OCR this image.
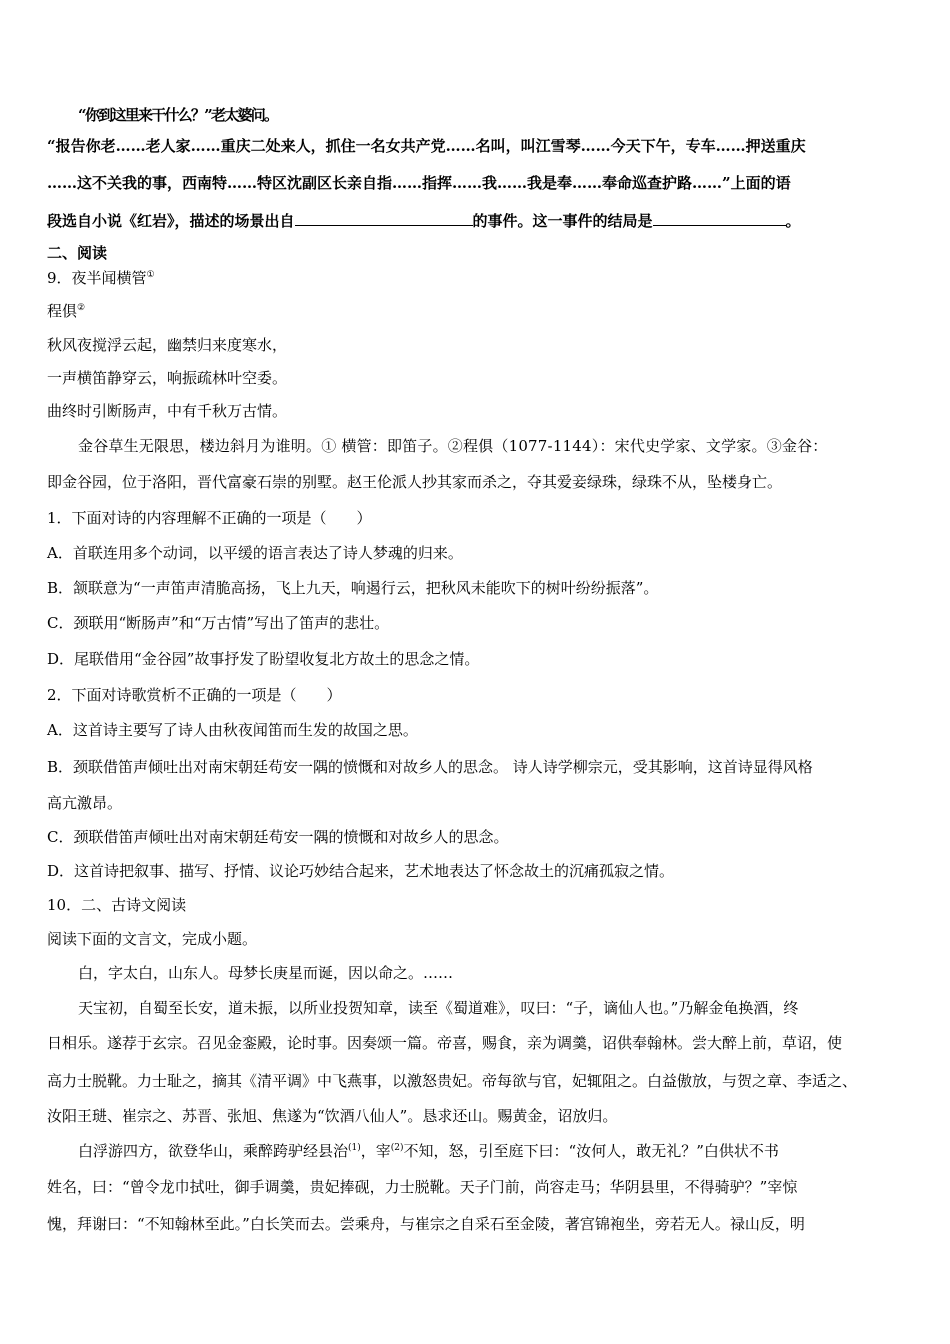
“你到这里来干什么？”老太婆问。
“报告你老……老人家……重庆二处来人，抓住一名女共产党……名叫，叫江雪琴……今天下午，专车……押送重庆
……这不关我的事，西南特……特区沈副区长亲自指……指挥……我……我是奉……奉命巡查护路……”上面的语
段选自小说《红岩》，描述的场景出自	的事件。这一事件的结局是	。
二、阅读
9．夜半闻横管①
程俱②
秋风夜搅浮云起，幽禁归来度寒水，
一声横笛静穿云，响振疏林叶空委。
曲终时引断肠声，中有千秋万古情。
金谷草生无限思，楼边斜月为谁明。① 横管：即笛子。②程俱（1077-1144）：宋代史学家、文学家。③金谷：
即金谷园，位于洛阳，晋代富豪石崇的别墅。赵王伦派人抄其家而杀之，夺其爱妾绿珠，绿珠不从，坠楼身亡。
1．下面对诗的内容理解不正确的一项是（　　）
A．首联连用多个动词，以平缓的语言表达了诗人梦魂的归来。
B．颔联意为“一声笛声清脆高扬，飞上九天，响遏行云，把秋风未能吹下的树叶纷纷振落”。
C．颈联用“断肠声”和“万古情”写出了笛声的悲壮。
D．尾联借用“金谷园”故事抒发了盼望收复北方故土的思念之情。
2．下面对诗歌赏析不正确的一项是（　　）
A．这首诗主要写了诗人由秋夜闻笛而生发的故国之思。
B．颈联借笛声倾吐出对南宋朝廷苟安一隅的愤慨和对故乡人的思念。 诗人诗学柳宗元，受其影响，这首诗显得风格
高亢激昂。
C．颈联借笛声倾吐出对南宋朝廷苟安一隅的愤慨和对故乡人的思念。
D．这首诗把叙事、描写、抒情、议论巧妙结合起来，艺术地表达了怀念故土的沉痛孤寂之情。
10．二、古诗文阅读
阅读下面的文言文，完成小题。
白，字太白，山东人。母梦长庚星而诞，因以命之。……
天宝初，自蜀至长安，道未振，以所业投贺知章，读至《蜀道难》，叹曰：“子，谪仙人也。”乃解金龟换酒，终
日相乐。遂荐于玄宗。召见金銮殿，论时事。因奏颂一篇。帝喜，赐食，亲为调羹，诏供奉翰林。尝大醉上前，草诏，使
高力士脱靴。力士耻之，摘其《清平调》中飞燕事，以激怒贵妃。帝每欲与官，妃辄阻之。白益傲放，与贺之章、李适之、
汝阳王琎、崔宗之、苏晋、张旭、焦遂为“饮酒八仙人”。恳求还山。赐黄金，诏放归。
白浮游四方，欲登华山，乘醉跨驴经县治$^{(1)}$，宰$^{(2)}$不知，怒，引至庭下曰：“汝何人，敢无礼？”白供状不书
姓名，曰：“曾令龙巾拭吐，御手调羹，贵妃捧砚，力士脱靴。天子门前，尚容走马；华阴县里，不得骑驴？”宰惊
愧，拜谢曰：“不知翰林至此。”白长笑而去。尝乘舟，与崔宗之自采石至金陵，著宫锦袍坐，旁若无人。禄山反，明
